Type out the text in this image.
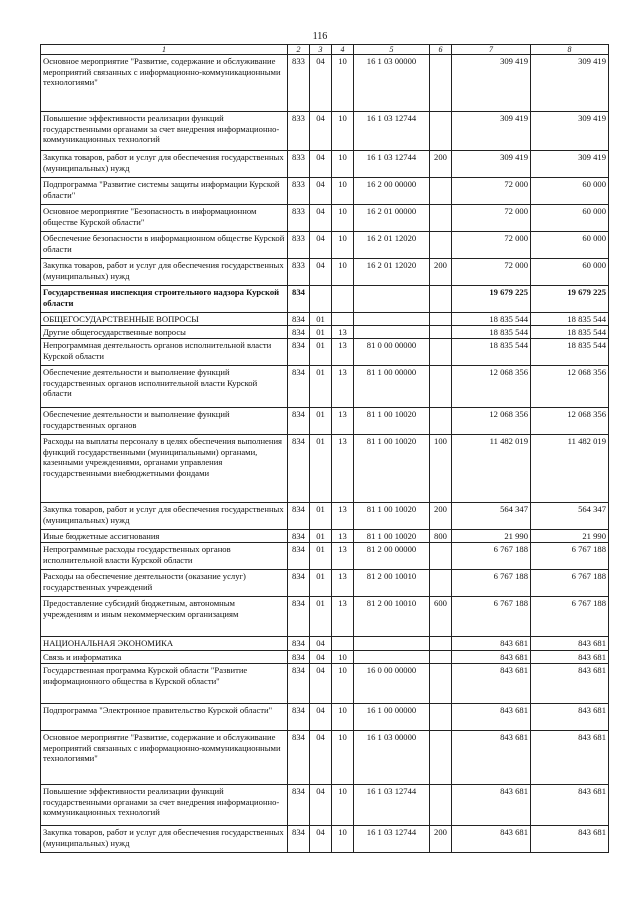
116
1	2	3	4	5	6	7	8
Основное мероприятие "Развитие, содержание и обслуживание мероприятий связанных с информационно-коммуникационными технологиями"	833	04	10	16 1 03 00000		309 419	309 419
Повышение эффективности реализации функций государственными органами за счет внедрения информационно-коммуникационных технологий	833	04	10	16 1 03 12744		309 419	309 419
Закупка товаров, работ и услуг для обеспечения государственных (муниципальных) нужд	833	04	10	16 1 03 12744	200	309 419	309 419
Подпрограмма "Развитие системы защиты информации Курской области"	833	04	10	16 2 00 00000		72 000	60 000
Основное мероприятие "Безопасность в информационном обществе Курской области"	833	04	10	16 2 01 00000		72 000	60 000
Обеспечение безопасности в информационном обществе Курской области	833	04	10	16 2 01 12020		72 000	60 000
Закупка товаров, работ и услуг для обеспечения государственных (муниципальных) нужд	833	04	10	16 2 01 12020	200	72 000	60 000
Государственная инспекция строительного надзора Курской области	834					19 679 225	19 679 225
ОБЩЕГОСУДАРСТВЕННЫЕ ВОПРОСЫ	834	01				18 835 544	18 835 544
Другие общегосударственные вопросы	834	01	13			18 835 544	18 835 544
Непрограммная деятельность органов исполнительной власти Курской области	834	01	13	81 0 00 00000		18 835 544	18 835 544
Обеспечение деятельности и выполнение функций государственных органов исполнительной власти Курской области	834	01	13	81 1 00 00000		12 068 356	12 068 356
Обеспечение деятельности и выполнение функций государственных органов	834	01	13	81 1 00 10020		12 068 356	12 068 356
Расходы на выплаты персоналу в целях обеспечения выполнения функций государственными (муниципальными) органами, казенными учреждениями, органами управления государственными внебюджетными фондами	834	01	13	81 1 00 10020	100	11 482 019	11 482 019
Закупка товаров, работ и услуг для обеспечения государственных (муниципальных) нужд	834	01	13	81 1 00 10020	200	564 347	564 347
Иные бюджетные ассигнования	834	01	13	81 1 00 10020	800	21 990	21 990
Непрограммные расходы государственных органов исполнительной власти Курской области	834	01	13	81 2 00 00000		6 767 188	6 767 188
Расходы на обеспечение деятельности (оказание услуг) государственных учреждений	834	01	13	81 2 00 10010		6 767 188	6 767 188
Предоставление субсидий бюджетным, автономным учреждениям и иным некоммерческим организациям	834	01	13	81 2 00 10010	600	6 767 188	6 767 188
НАЦИОНАЛЬНАЯ ЭКОНОМИКА	834	04				843 681	843 681
Связь и информатика	834	04	10			843 681	843 681
Государственная программа Курской области "Развитие информационного общества в Курской области"	834	04	10	16 0 00 00000		843 681	843 681
Подпрограмма "Электронное правительство Курской области"	834	04	10	16 1 00 00000		843 681	843 681
Основное мероприятие "Развитие, содержание и обслуживание мероприятий связанных с информационно-коммуникационными технологиями"	834	04	10	16 1 03 00000		843 681	843 681
Повышение эффективности реализации функций государственными органами за счет внедрения информационно-коммуникационных технологий	834	04	10	16 1 03 12744		843 681	843 681
Закупка товаров, работ и услуг для обеспечения государственных (муниципальных) нужд	834	04	10	16 1 03 12744	200	843 681	843 681
